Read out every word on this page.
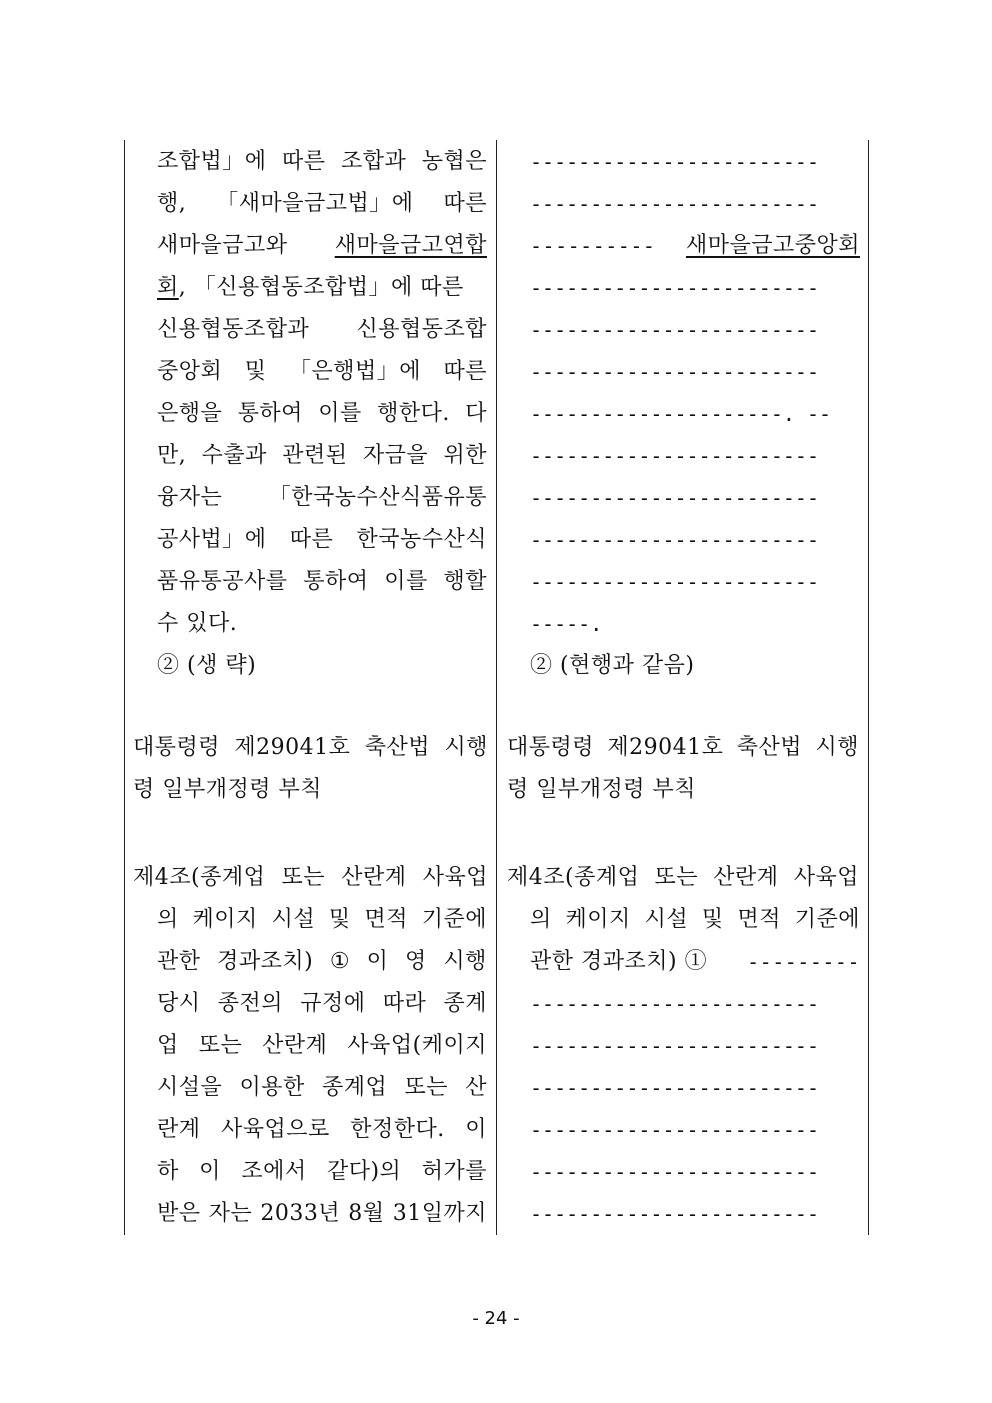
조합법」에 따른 조합과 농협은
행, 「새마을금고법」에 따른
새마을금고와 새마을금고연합
회, 「신용협동조합법」에 따른
신용협동조합과 신용협동조합
중앙회 및 「은행법」에 따른
은행을 통하여 이를 행한다. 다
만, 수출과 관련된 자금을 위한
융자는 「한국농수산식품유통
공사법」에 따른 한국농수산식
품유통공사를 통하여 이를 행할
수 있다.
② (생 략)
대통령령 제29041호 축산법 시행
령 일부개정령 부칙
제4조(종계업 또는 산란계 사육업
의 케이지 시설 및 면적 기준에
관한 경과조치) ① 이 영 시행
당시 종전의 규정에 따라 종계
업 또는 산란계 사육업(케이지
시설을 이용한 종계업 또는 산
란계 사육업으로 한정한다. 이
하 이 조에서 같다)의 허가를
받은 자는 2033년 8월 31일까지
------------------------
------------------------
---------- 새마을금고중앙회
------------------------
------------------------
------------------------
---------------------. --
------------------------
------------------------
------------------------
------------------------
-----.
② (현행과 같음)
대통령령 제29041호 축산법 시행
령 일부개정령 부칙
제4조(종계업 또는 산란계 사육업
의 케이지 시설 및 면적 기준에
관한 경과조치) ① ---------
------------------------
------------------------
------------------------
------------------------
------------------------
------------------------
- 24 -
